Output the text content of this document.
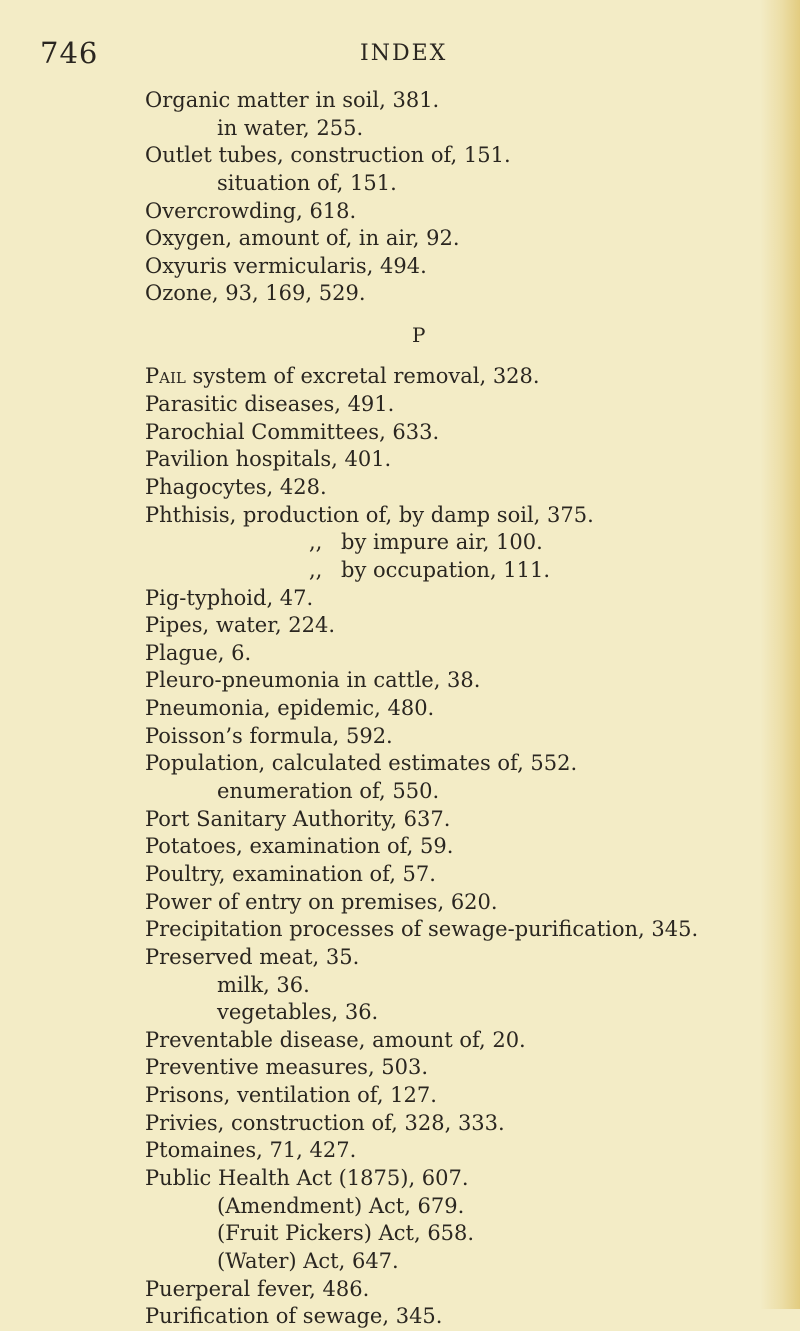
746	INDEX
Organic matter in soil, 381.
in water, 255.
Outlet tubes, construction of, 151.
situation of, 151.
Overcrowding, 618.
Oxygen, amount of, in air, 92.
Oxyuris vermicularis, 494.
Ozone, 93, 169, 529.
P
Pail system of excretal removal, 328.
Parasitic diseases, 491.
Parochial Committees, 633.
Pavilion hospitals, 401.
Phagocytes, 428.
Phthisis, production of, by damp soil, 375.
,, by impure air, 100.
,, by occupation, 111.
Pig-typhoid, 47.
Pipes, water, 224.
Plague, 6.
Pleuro-pneumonia in cattle, 38.
Pneumonia, epidemic, 480.
Poisson’s formula, 592.
Population, calculated estimates of, 552.
enumeration of, 550.
Port Sanitary Authority, 637.
Potatoes, examination of, 59.
Poultry, examination of, 57.
Power of entry on premises, 620.
Precipitation processes of sewage-purification, 345.
Preserved meat, 35.
milk, 36.
vegetables, 36.
Preventable disease, amount of, 20.
Preventive measures, 503.
Prisons, ventilation of, 127.
Privies, construction of, 328, 333.
Ptomaines, 71, 427.
Public Health Act (1875), 607.
(Amendment) Act, 679.
(Fruit Pickers) Act, 658.
(Water) Act, 647.
Puerperal fever, 486.
Purification of sewage, 345.
